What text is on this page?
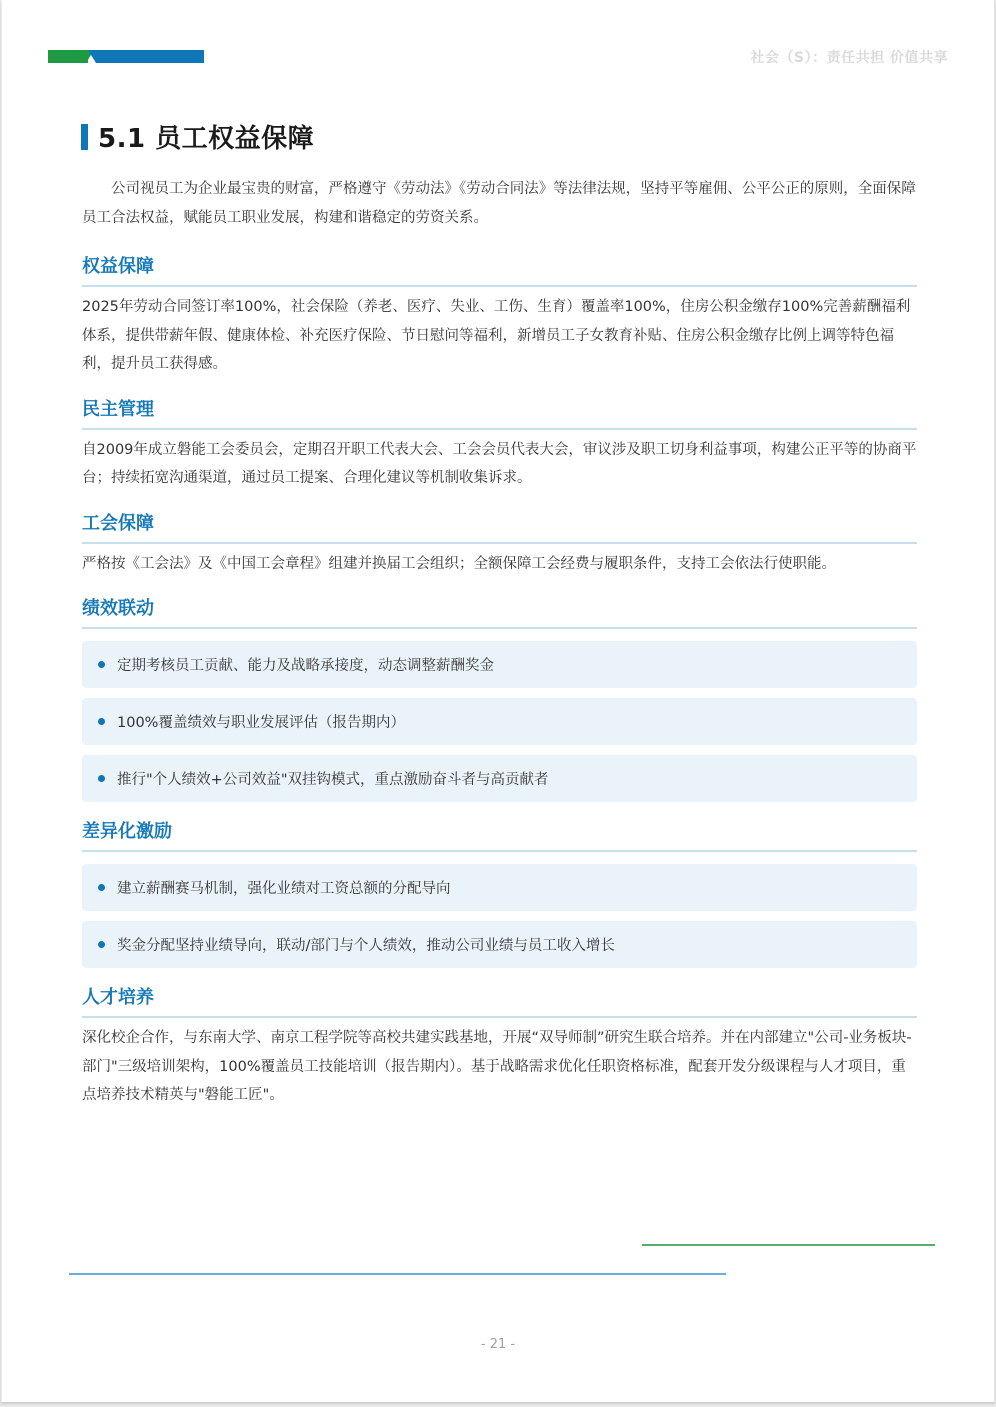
社会（S）：责任共担 价值共享
5.1 员工权益保障

公司视员工为企业最宝贵的财富，严格遵守《劳动法》《劳动合同法》等法律法规，坚持平等雇佣、公平公正的原则，全面保障员工合法权益，赋能员工职业发展，构建和谐稳定的劳资关系。

权益保障

2025年劳动合同签订率100%，社会保险（养老、医疗、失业、工伤、生育）覆盖率100%，住房公积金缴存100%完善薪酬福利体系，提供带薪年假、健康体检、补充医疗保险、节日慰问等福利，新增员工子女教育补贴、住房公积金缴存比例上调等特色福利，提升员工获得感。

民主管理

自2009年成立磐能工会委员会，定期召开职工代表大会、工会会员代表大会，审议涉及职工切身利益事项，构建公正平等的协商平台；持续拓宽沟通渠道，通过员工提案、合理化建议等机制收集诉求。

工会保障

严格按《工会法》及《中国工会章程》组建并换届工会组织；全额保障工会经费与履职条件，支持工会依法行使职能。

绩效联动
定期考核员工贡献、能力及战略承接度，动态调整薪酬奖金
100%覆盖绩效与职业发展评估（报告期内）
推行"个人绩效+公司效益"双挂钩模式，重点激励奋斗者与高贡献者
差异化激励
建立薪酬赛马机制，强化业绩对工资总额的分配导向
奖金分配坚持业绩导向，联动/部门与个人绩效，推动公司业绩与员工收入增长
人才培养

深化校企合作，与东南大学、南京工程学院等高校共建实践基地，开展“双导师制”研究生联合培养。并在内部建立"公司-业务板块-部门"三级培训架构，100%覆盖员工技能培训（报告期内）。基于战略需求优化任职资格标准，配套开发分级课程与人才项目，重点培养技术精英与"磐能工匠"。

- 21 -
